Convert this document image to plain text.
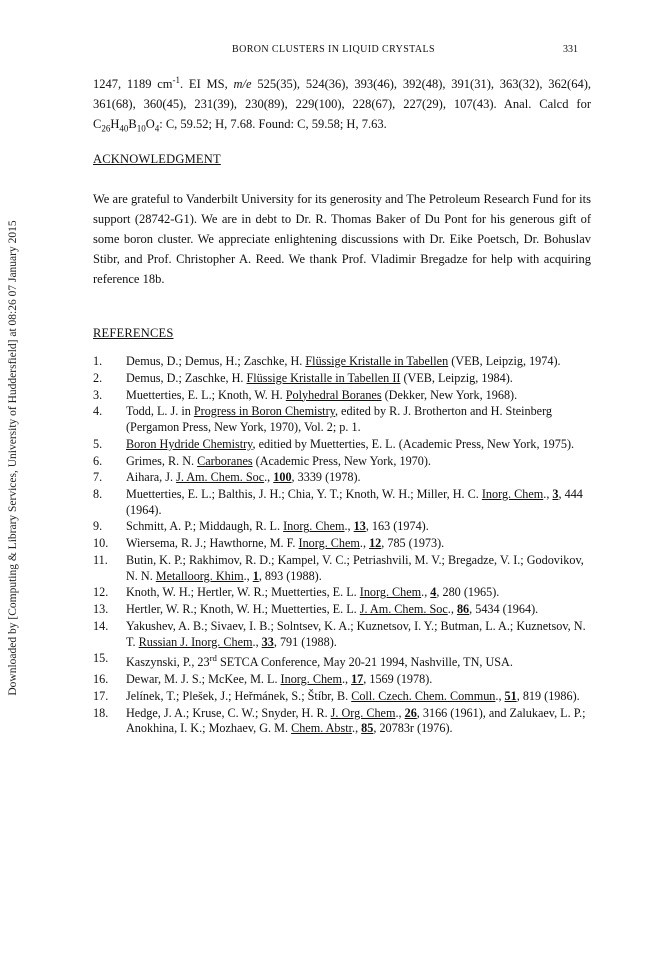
Downloaded by [Computing & Library Services, University of Huddersfield] at 08:26 07 January 2015
BORON CLUSTERS IN LIQUID CRYSTALS	331

1247, 1189 $cm^{-1}$. EI MS, m/e 525(35), 524(36), 393(46), 392(48), 391(31), 363(32), 362(64), 361(68), 360(45), 231(39), 230(89), 229(100), 228(67), 227(29), 107(43). Anal. Calcd for $C_{26}H_{40}B_{10}O_4$: C, 59.52; H, 7.68. Found: C, 59.58; H, 7.63.

ACKNOWLEDGMENT

We are grateful to Vanderbilt University for its generosity and The Petroleum Research Fund for its support (28742-G1). We are in debt to Dr. R. Thomas Baker of Du Pont for his generous gift of some boron cluster. We appreciate enlightening discussions with Dr. Eike Poetsch, Dr. Bohuslav Stibr, and Prof. Christopher A. Reed. We thank Prof. Vladimir Bregadze for help with acquiring reference 18b.

REFERENCES
1.	Demus, D.; Demus, H.; Zaschke, H. Flüssige Kristalle in Tabellen (VEB, Leipzig, 1974).
2.	Demus, D.; Zaschke, H. Flüssige Kristalle in Tabellen II (VEB, Leipzig, 1984).
3.	Muetterties, E. L.; Knoth, W. H. Polyhedral Boranes (Dekker, New York, 1968).
4.	Todd, L. J. in Progress in Boron Chemistry, edited by R. J. Brotherton and H. Steinberg (Pergamon Press, New York, 1970), Vol. 2; p. 1.
5.	Boron Hydride Chemistry, editied by Muetterties, E. L. (Academic Press, New York, 1975).
6.	Grimes, R. N. Carboranes (Academic Press, New York, 1970).
7.	Aihara, J. J. Am. Chem. Soc., 100, 3339 (1978).
8.	Muetterties, E. L.; Balthis, J. H.; Chia, Y. T.; Knoth, W. H.; Miller, H. C. Inorg. Chem., 3, 444 (1964).
9.	Schmitt, A. P.; Middaugh, R. L. Inorg. Chem., 13, 163 (1974).
10.	Wiersema, R. J.; Hawthorne, M. F. Inorg. Chem., 12, 785 (1973).
11.	Butin, K. P.; Rakhimov, R. D.; Kampel, V. C.; Petriashvili, M. V.; Bregadze, V. I.; Godovikov, N. N. Metalloorg. Khim., 1, 893 (1988).
12.	Knoth, W. H.; Hertler, W. R.; Muetterties, E. L. Inorg. Chem., 4, 280 (1965).
13.	Hertler, W. R.; Knoth, W. H.; Muetterties, E. L. J. Am. Chem. Soc., 86, 5434 (1964).
14.	Yakushev, A. B.; Sivaev, I. B.; Solntsev, K. A.; Kuznetsov, I. Y.; Butman, L. A.; Kuznetsov, N. T. Russian J. Inorg. Chem., 33, 791 (1988).
15.	Kaszynski, P., 23rd SETCA Conference, May 20-21 1994, Nashville, TN, USA.
16.	Dewar, M. J. S.; McKee, M. L. Inorg. Chem., 17, 1569 (1978).
17.	Jelínek, T.; Plešek, J.; Heřmánek, S.; Štíbr, B. Coll. Czech. Chem. Commun., 51, 819 (1986).
18.	Hedge, J. A.; Kruse, C. W.; Snyder, H. R. J. Org. Chem., 26, 3166 (1961), and Zalukaev, L. P.; Anokhina, I. K.; Mozhaev, G. M. Chem. Abstr., 85, 20783r (1976).
